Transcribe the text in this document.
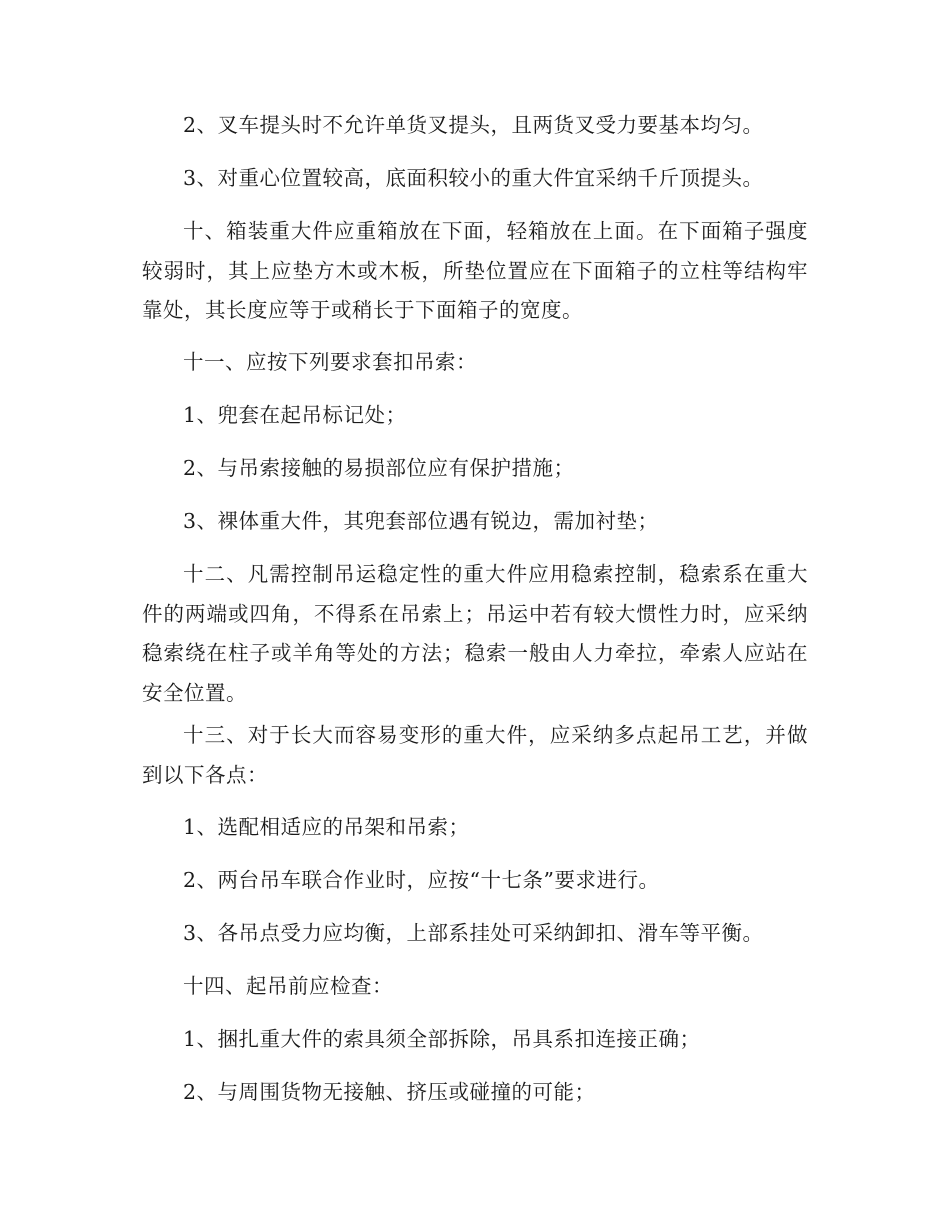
2、叉车提头时不允许单货叉提头，且两货叉受力要基本均匀。

3、对重心位置较高，底面积较小的重大件宜采纳千斤顶提头。

十、箱装重大件应重箱放在下面，轻箱放在上面。在下面箱子强度较弱时，其上应垫方木或木板，所垫位置应在下面箱子的立柱等结构牢靠处，其长度应等于或稍长于下面箱子的宽度。

十一、应按下列要求套扣吊索：

1、兜套在起吊标记处；

2、与吊索接触的易损部位应有保护措施；

3、裸体重大件，其兜套部位遇有锐边，需加衬垫；

十二、凡需控制吊运稳定性的重大件应用稳索控制，稳索系在重大件的两端或四角，不得系在吊索上；吊运中若有较大惯性力时，应采纳稳索绕在柱子或羊角等处的方法；稳索一般由人力牵拉，牵索人应站在安全位置。

十三、对于长大而容易变形的重大件，应采纳多点起吊工艺，并做到以下各点：

1、选配相适应的吊架和吊索；

2、两台吊车联合作业时，应按“十七条”要求进行。

3、各吊点受力应均衡，上部系挂处可采纳卸扣、滑车等平衡。

十四、起吊前应检查：

1、捆扎重大件的索具须全部拆除，吊具系扣连接正确；

2、与周围货物无接触、挤压或碰撞的可能；
